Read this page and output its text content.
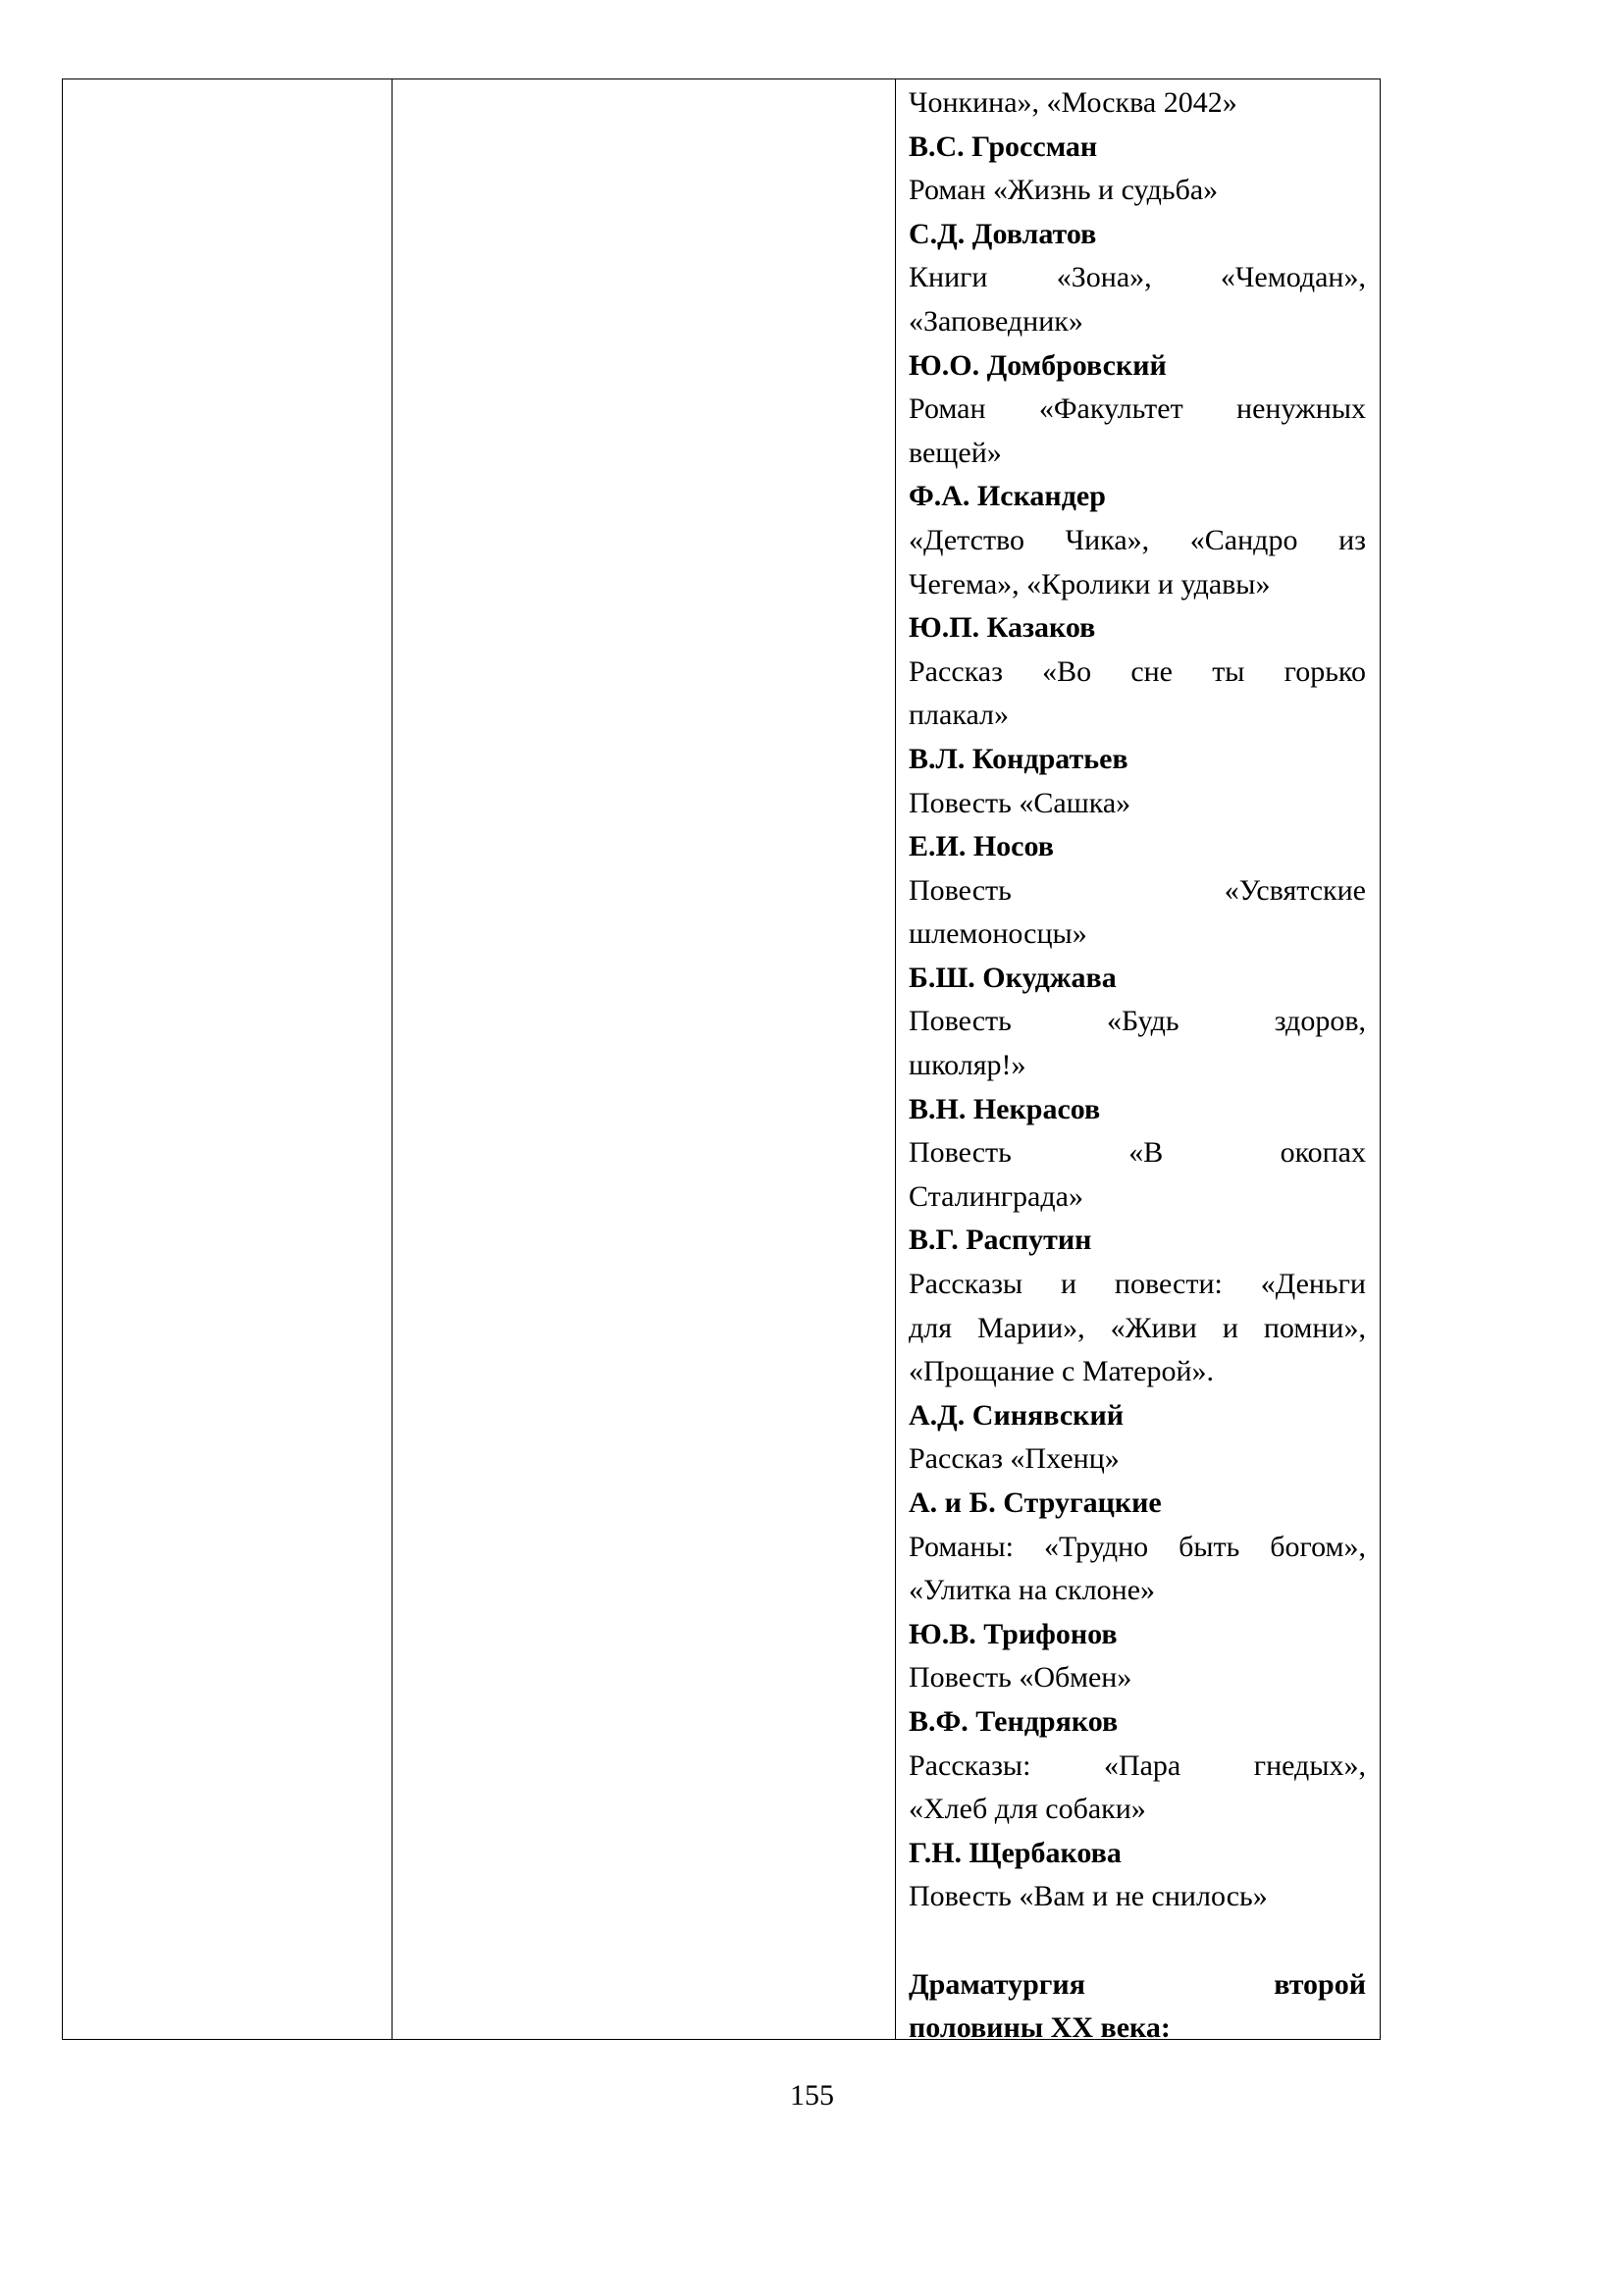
Чонкина», «Москва 2042»
В.С. Гроссман
Роман «Жизнь и судьба»
С.Д. Довлатов
Книги «Зона», «Чемодан»,
«Заповедник»
Ю.О. Домбровский
Роман «Факультет ненужных
вещей»
Ф.А. Искандер
«Детство Чика», «Сандро из
Чегема», «Кролики и удавы»
Ю.П. Казаков
Рассказ «Во сне ты горько
плакал»
В.Л. Кондратьев
Повесть «Сашка»
Е.И. Носов
Повесть	«Усвятские
шлемоносцы»
Б.Ш. Окуджава
Повесть	«Будь	здоров,
школяр!»
В.Н. Некрасов
Повесть	«В	окопах
Сталинграда»
В.Г. Распутин
Рассказы и повести: «Деньги
для Марии», «Живи и помни»,
«Прощание с Матерой».
А.Д. Синявский
Рассказ «Пхенц»
А. и Б. Стругацкие
Романы: «Трудно быть богом»,
«Улитка на склоне»
Ю.В. Трифонов
Повесть «Обмен»
В.Ф. Тендряков
Рассказы: «Пара гнедых»,
«Хлеб для собаки»
Г.Н. Щербакова
Повесть «Вам и не снилось»
Драматургия	второй
половины XX века:
155
